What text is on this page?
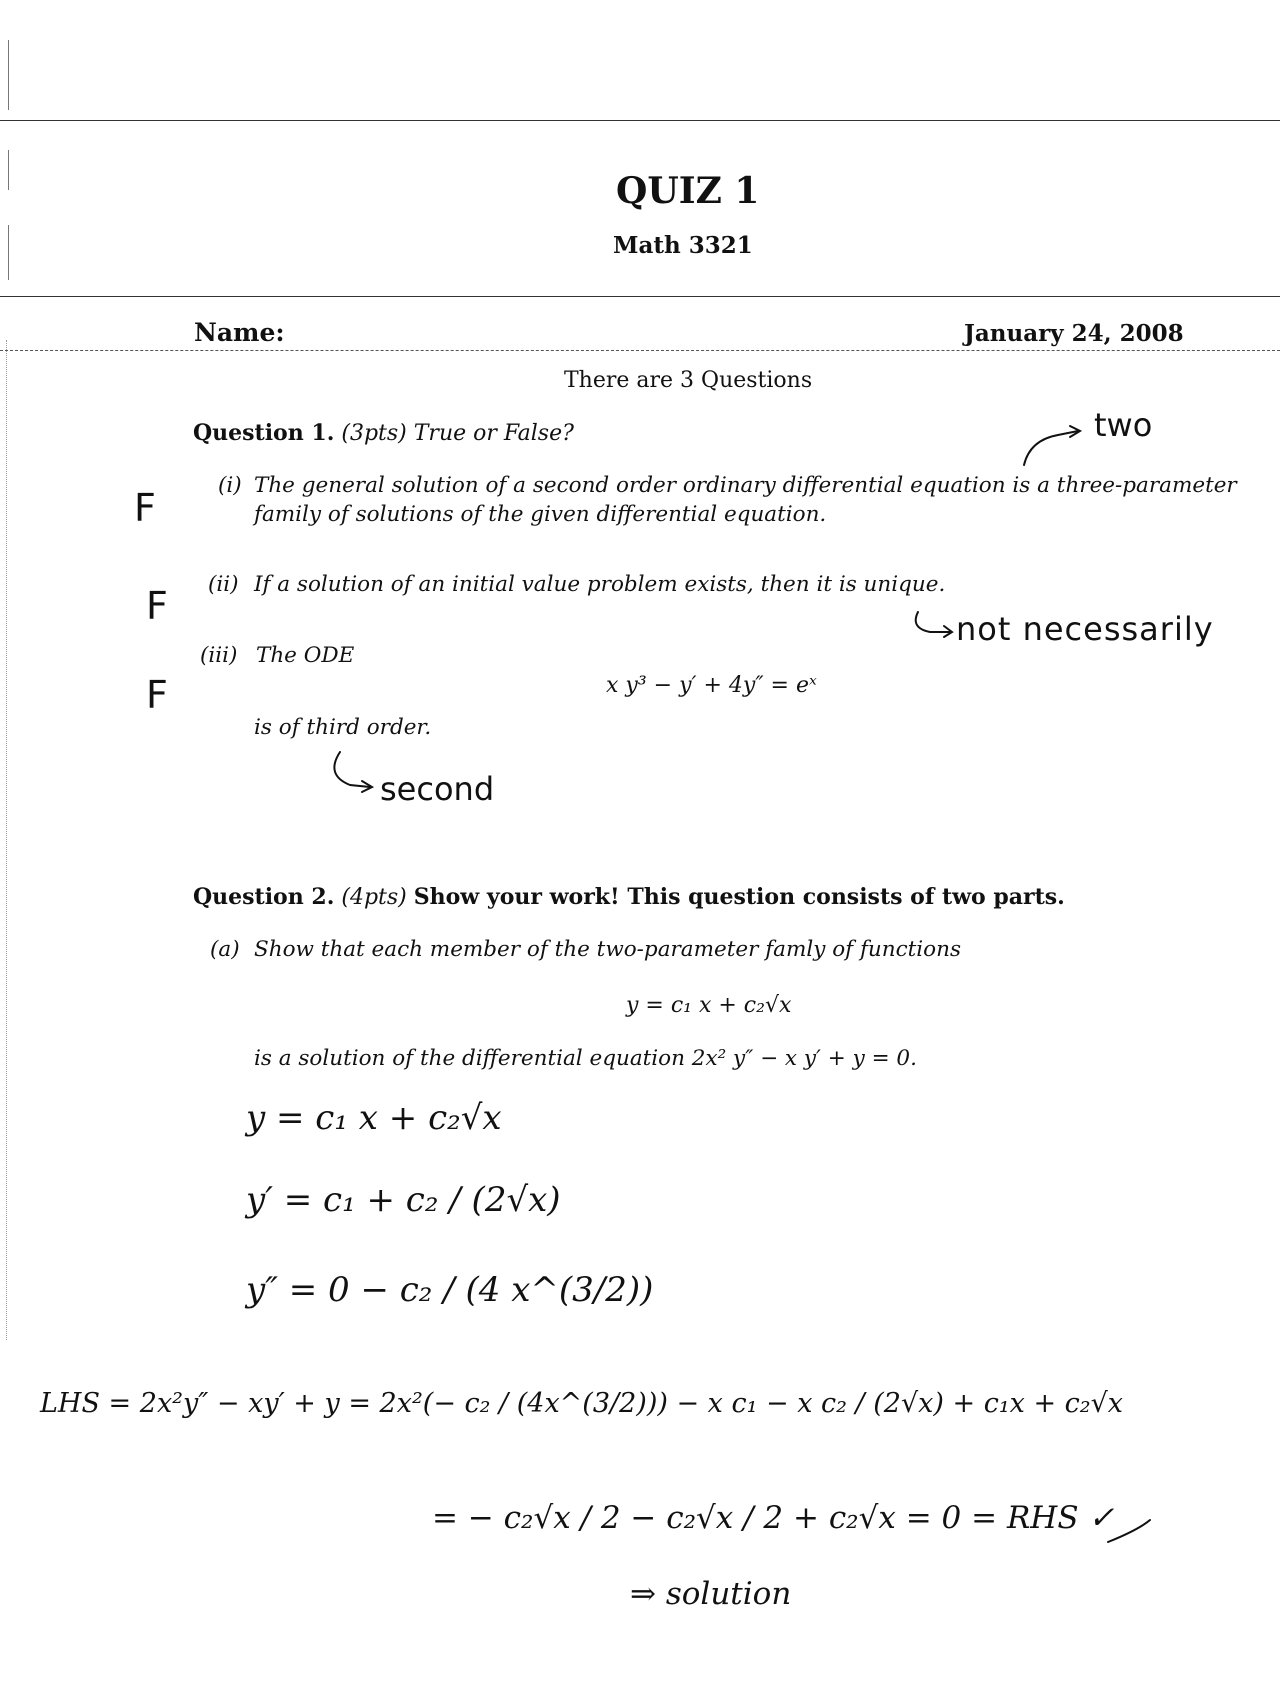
QUIZ 1
Math 3321
Name:	January 24, 2008
There are 3 Questions
Question 1. (3pts) True or False?
(i) The general solution of a second order ordinary differential equation is a three-parameter
family of solutions of the given differential equation.
(ii) If a solution of an initial value problem exists, then it is unique.
(iii) The ODE
x y³ − y′ + 4y″ = eˣ
is of third order.
F
F
F
two
not necessarily
second
Question 2. (4pts) Show your work! This question consists of two parts.
(a) Show that each member of the two-parameter famly of functions
y = c₁ x + c₂√x
is a solution of the differential equation 2x² y″ − x y′ + y = 0.
y = c₁ x + c₂√x
y′ = c₁ + c₂ / (2√x)
y″ = 0 − c₂ / (4 x^(3/2))
LHS = 2x²y″ − xy′ + y = 2x²(− c₂ / (4x^(3/2))) − x c₁ − x c₂ / (2√x) + c₁x + c₂√x
= − c₂√x / 2 − c₂√x / 2 + c₂√x = 0 = RHS ✓
⇒ solution
